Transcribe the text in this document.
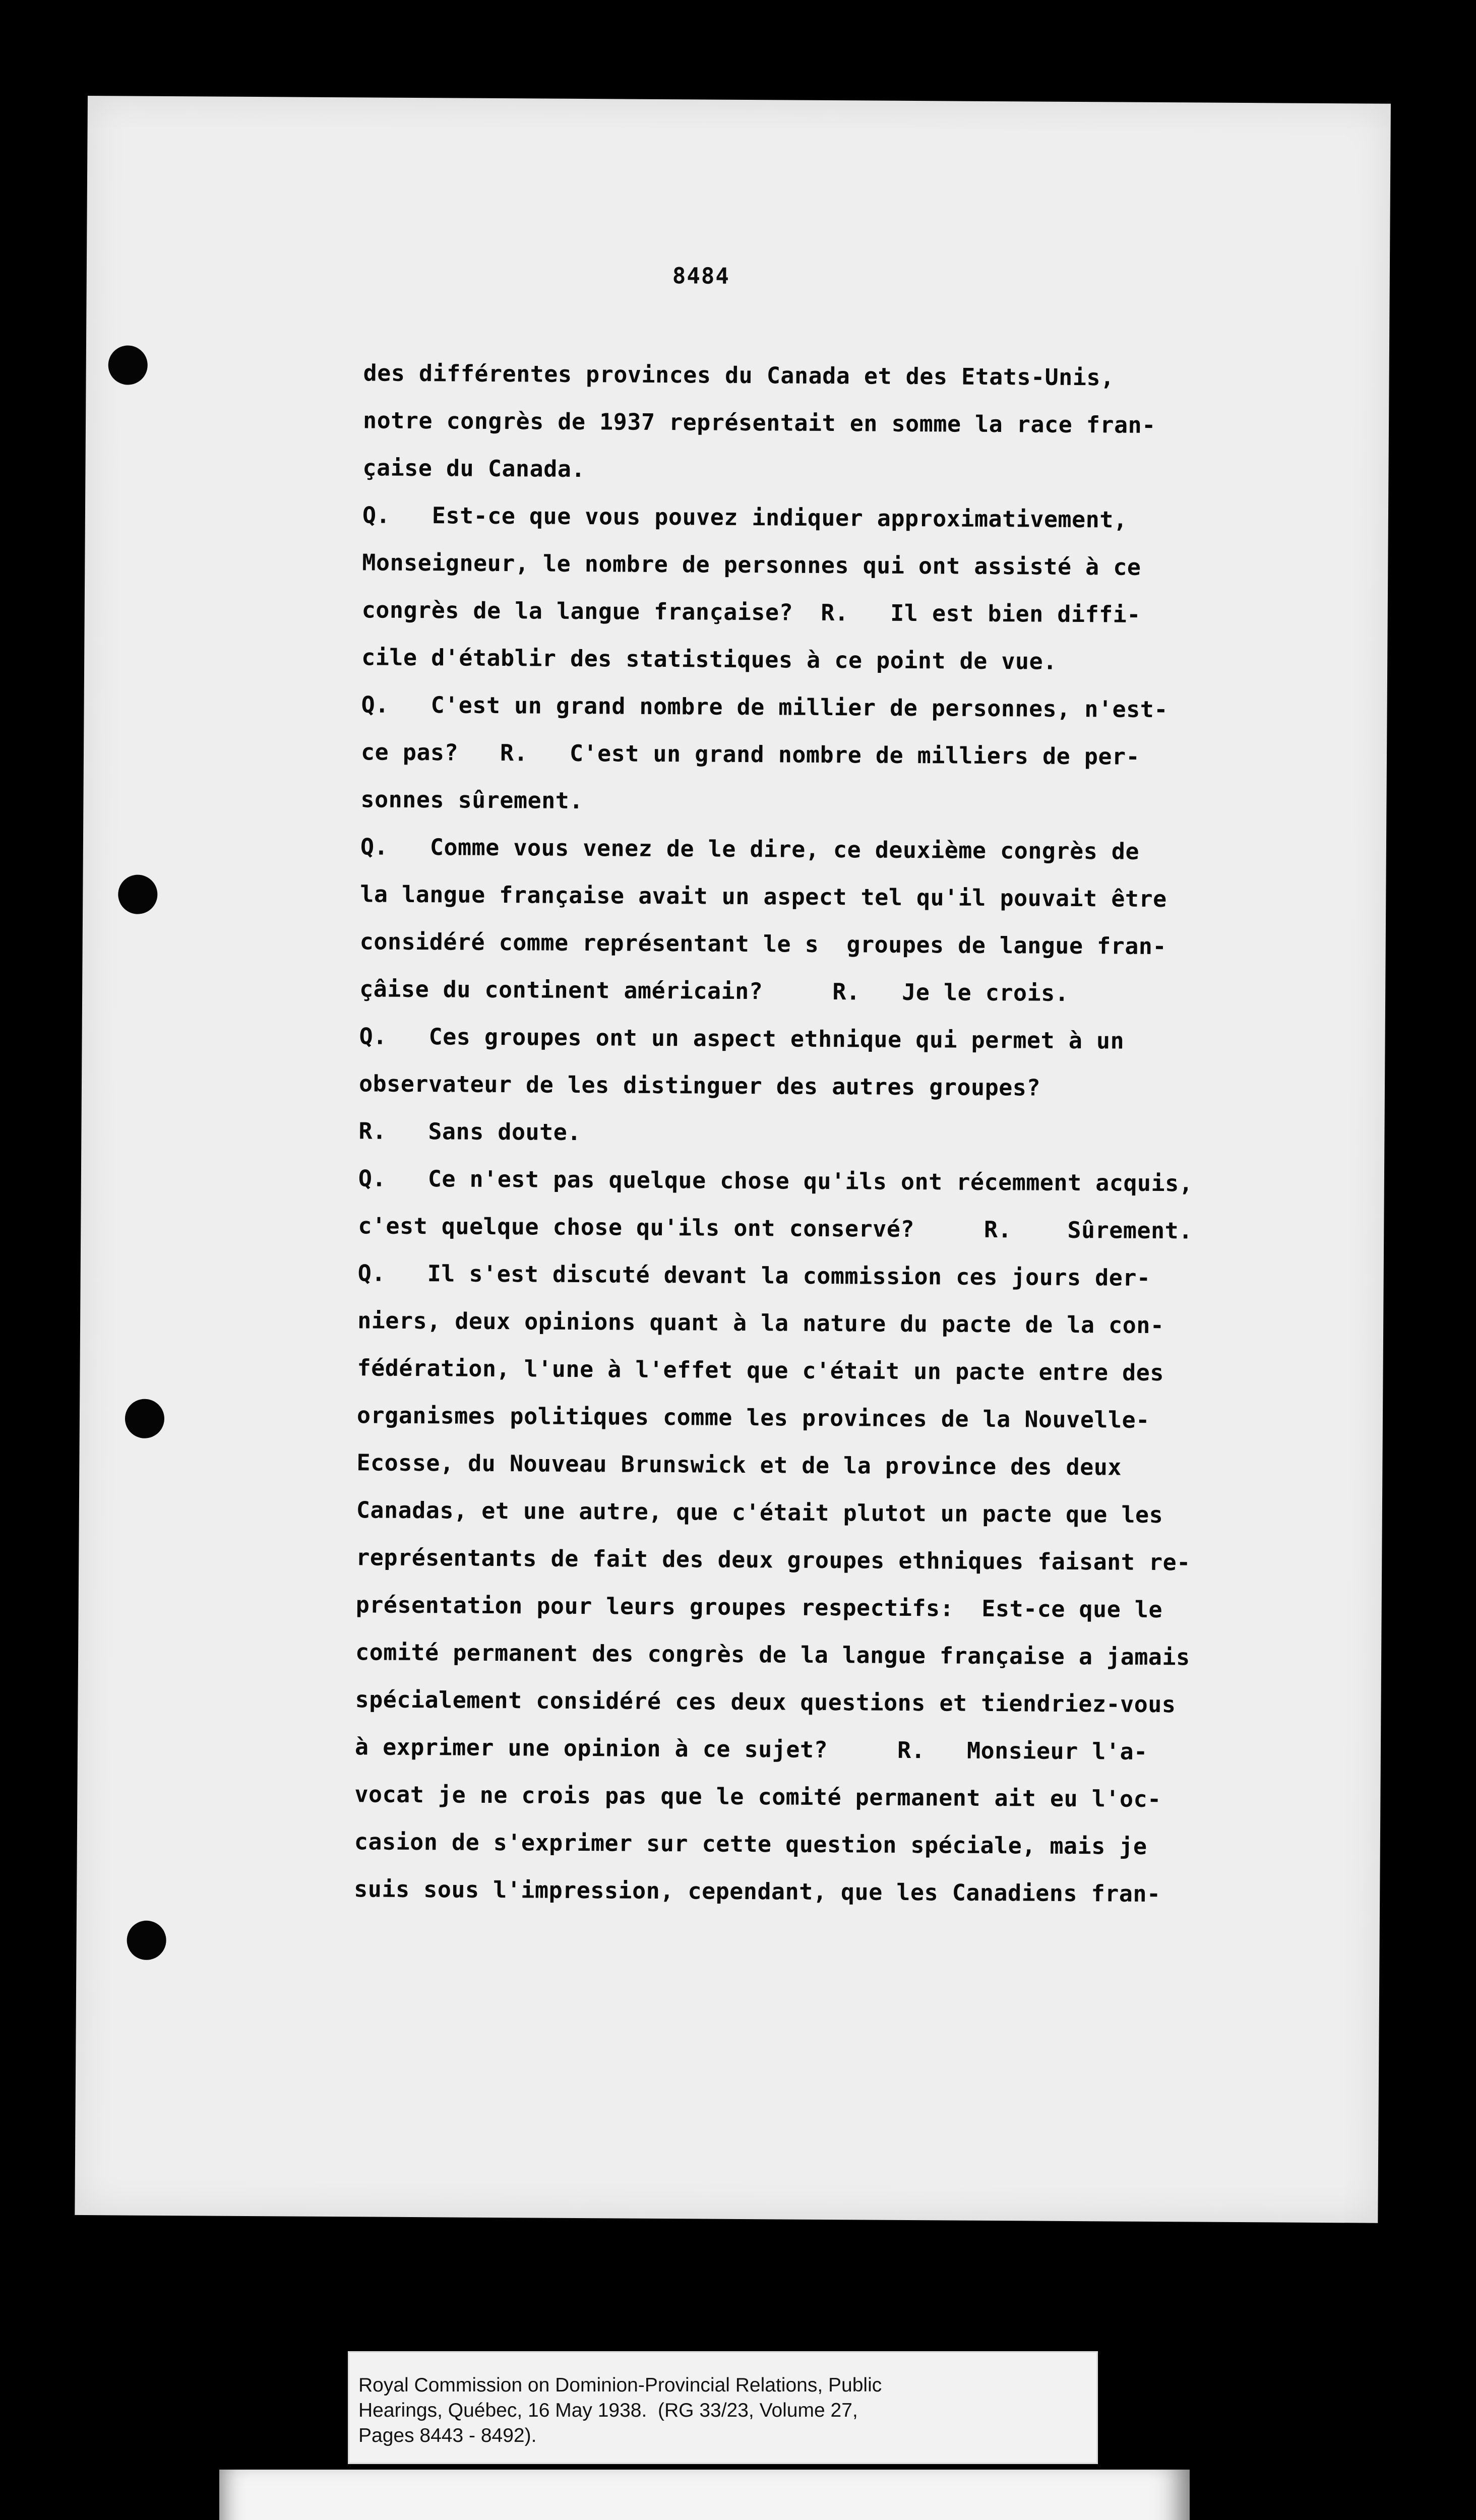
8484
des différentes provinces du Canada et des Etats-Unis,
notre congrès de 1937 représentait en somme la race fran-
çaise du Canada.
Q.   Est-ce que vous pouvez indiquer approximativement,
Monseigneur, le nombre de personnes qui ont assisté à ce
congrès de la langue française?  R.   Il est bien diffi-
cile d'établir des statistiques à ce point de vue.
Q.   C'est un grand nombre de millier de personnes, n'est-
ce pas?   R.   C'est un grand nombre de milliers de per-
sonnes sûrement.
Q.   Comme vous venez de le dire, ce deuxième congrès de
la langue française avait un aspect tel qu'il pouvait être
considéré comme représentant le s  groupes de langue fran-
çâise du continent américain?     R.   Je le crois.
Q.   Ces groupes ont un aspect ethnique qui permet à un
observateur de les distinguer des autres groupes?
R.   Sans doute.
Q.   Ce n'est pas quelque chose qu'ils ont récemment acquis,
c'est quelque chose qu'ils ont conservé?     R.    Sûrement.
Q.   Il s'est discuté devant la commission ces jours der-
niers, deux opinions quant à la nature du pacte de la con-
fédération, l'une à l'effet que c'était un pacte entre des
organismes politiques comme les provinces de la Nouvelle-
Ecosse, du Nouveau Brunswick et de la province des deux
Canadas, et une autre, que c'était plutot un pacte que les
représentants de fait des deux groupes ethniques faisant re-
présentation pour leurs groupes respectifs:  Est-ce que le
comité permanent des congrès de la langue française a jamais
spécialement considéré ces deux questions et tiendriez-vous
à exprimer une opinion à ce sujet?     R.   Monsieur l'a-
vocat je ne crois pas que le comité permanent ait eu l'oc-
casion de s'exprimer sur cette question spéciale, mais je
suis sous l'impression, cependant, que les Canadiens fran-
Royal Commission on Dominion-Provincial Relations, Public
Hearings, Québec, 16 May 1938.  (RG 33/23, Volume 27,
Pages 8443 - 8492).
